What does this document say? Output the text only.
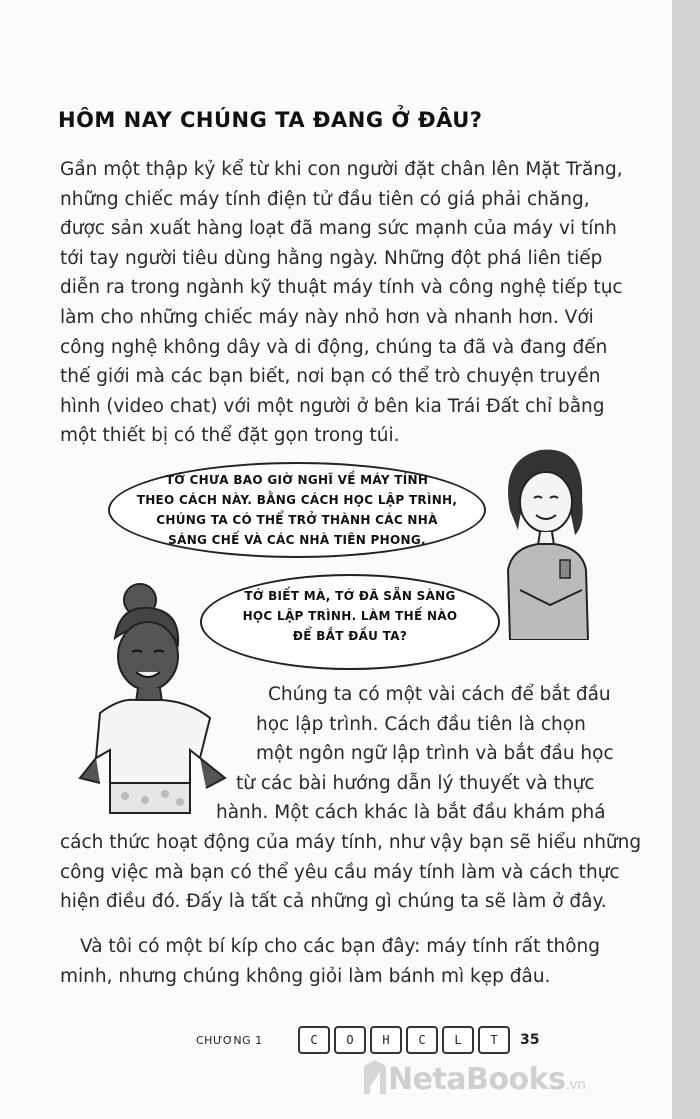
HÔM NAY CHÚNG TA ĐANG Ở ĐÂU?
Gần một thập kỷ kể từ khi con người đặt chân lên Mặt Trăng,
những chiếc máy tính điện tử đầu tiên có giá phải chăng,
được sản xuất hàng loạt đã mang sức mạnh của máy vi tính
tới tay người tiêu dùng hằng ngày. Những đột phá liên tiếp
diễn ra trong ngành kỹ thuật máy tính và công nghệ tiếp tục
làm cho những chiếc máy này nhỏ hơn và nhanh hơn. Với
công nghệ không dây và di động, chúng ta đã và đang đến
thế giới mà các bạn biết, nơi bạn có thể trò chuyện truyền
hình (video chat) với một người ở bên kia Trái Đất chỉ bằng
một thiết bị có thể đặt gọn trong túi.
TỚ CHƯA BAO GIỜ NGHĨ VỀ MÁY TÍNH
THEO CÁCH NÀY. BẰNG CÁCH HỌC LẬP TRÌNH,
CHÚNG TA CÓ THỂ TRỞ THÀNH CÁC NHÀ
SÁNG CHẾ VÀ CÁC NHÀ TIÊN PHONG.
TỚ BIẾT MÀ, TỚ ĐÃ SẴN SÀNG
HỌC LẬP TRÌNH. LÀM THẾ NÀO
ĐỂ BẮT ĐẦU TA?
Chúng ta có một vài cách để bắt đầu
học lập trình. Cách đầu tiên là chọn
một ngôn ngữ lập trình và bắt đầu học
từ các bài hướng dẫn lý thuyết và thực
hành. Một cách khác là bắt đầu khám phá
cách thức hoạt động của máy tính, như vậy bạn sẽ hiểu những
công việc mà bạn có thể yêu cầu máy tính làm và cách thực
hiện điều đó. Đấy là tất cả những gì chúng ta sẽ làm ở đây.
Và tôi có một bí kíp cho các bạn đây: máy tính rất thông
minh, nhưng chúng không giỏi làm bánh mì kẹp đâu.
CHƯƠNG 1	C	O	H	C	L	T	35
NetaBooks.vn
